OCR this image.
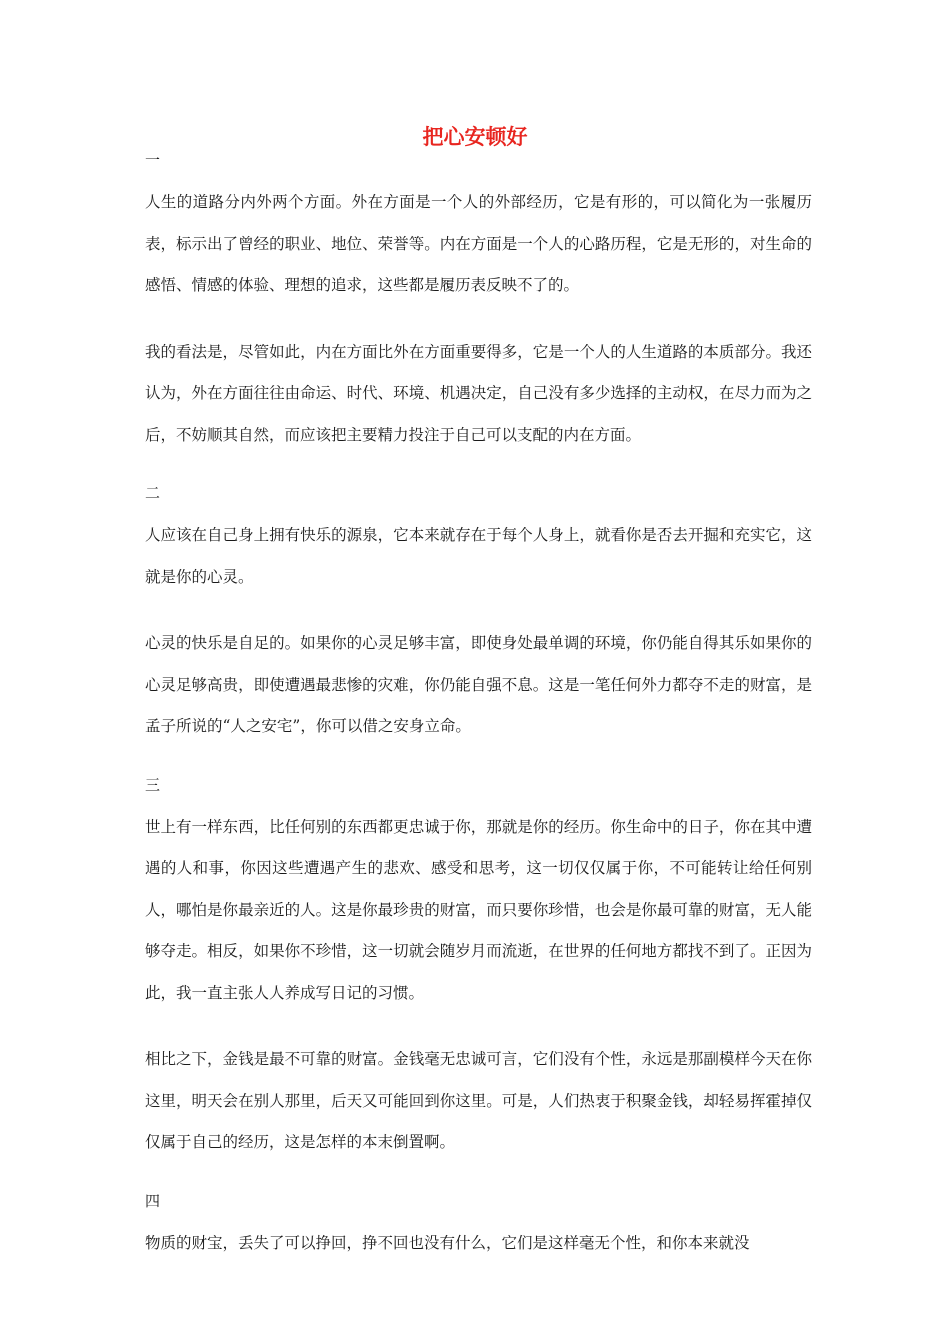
把心安顿好
一

人生的道路分内外两个方面。外在方面是一个人的外部经历，它是有形的，可以简化为一张履历表，标示出了曾经的职业、地位、荣誉等。内在方面是一个人的心路历程，它是无形的，对生命的感悟、情感的体验、理想的追求，这些都是履历表反映不了的。

我的看法是，尽管如此，内在方面比外在方面重要得多，它是一个人的人生道路的本质部分。我还认为，外在方面往往由命运、时代、环境、机遇决定，自己没有多少选择的主动权，在尽力而为之后，不妨顺其自然，而应该把主要精力投注于自己可以支配的内在方面。

二

人应该在自己身上拥有快乐的源泉，它本来就存在于每个人身上，就看你是否去开掘和充实它，这就是你的心灵。

心灵的快乐是自足的。如果你的心灵足够丰富，即使身处最单调的环境，你仍能自得其乐如果你的心灵足够高贵，即使遭遇最悲惨的灾难，你仍能自强不息。这是一笔任何外力都夺不走的财富，是孟子所说的“人之安宅”，你可以借之安身立命。

三

世上有一样东西，比任何别的东西都更忠诚于你，那就是你的经历。你生命中的日子，你在其中遭遇的人和事，你因这些遭遇产生的悲欢、感受和思考，这一切仅仅属于你，不可能转让给任何别人，哪怕是你最亲近的人。这是你最珍贵的财富，而只要你珍惜，也会是你最可靠的财富，无人能够夺走。相反，如果你不珍惜，这一切就会随岁月而流逝，在世界的任何地方都找不到了。正因为此，我一直主张人人养成写日记的习惯。

相比之下，金钱是最不可靠的财富。金钱毫无忠诚可言，它们没有个性，永远是那副模样今天在你这里，明天会在别人那里，后天又可能回到你这里。可是，人们热衷于积聚金钱，却轻易挥霍掉仅仅属于自己的经历，这是怎样的本末倒置啊。

四

物质的财宝，丢失了可以挣回，挣不回也没有什么，它们是这样毫无个性，和你本来就没
